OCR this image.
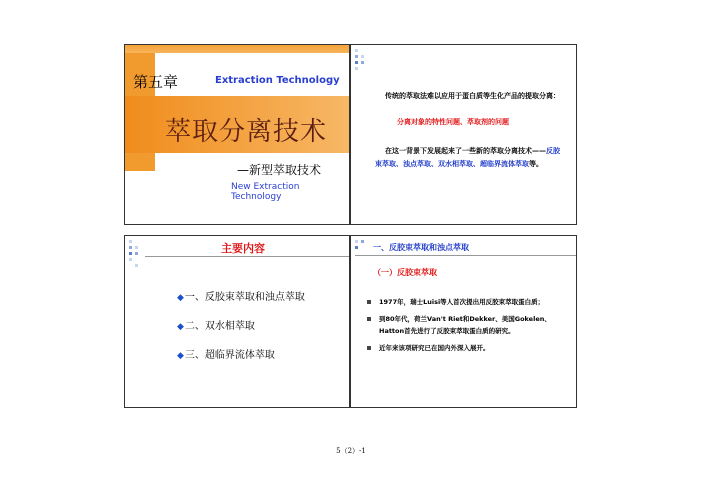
第五章	Extraction Technology
萃取分离技术
—新型萃取技术
New Extraction Technology
传统的萃取法难以应用于蛋白质等生化产品的提取分离：
分离对象的特性问题、萃取剂的问题
在这一背景下发展起来了一些新的萃取分离技术——反胶束萃取、浊点萃取、双水相萃取、超临界流体萃取等。
主要内容
◆一、反胶束萃取和浊点萃取
◆二、双水相萃取
◆三、超临界流体萃取
一、反胶束萃取和浊点萃取
（一）反胶束萃取
1977年，瑞士Luisi等人首次提出用反胶束萃取蛋白质；
到80年代，荷兰Van't Riet和Dekker、美国Gokelen、Hatton首先进行了反胶束萃取蛋白质的研究。
近年来该项研究已在国内外深入展开。
5（2）-1
